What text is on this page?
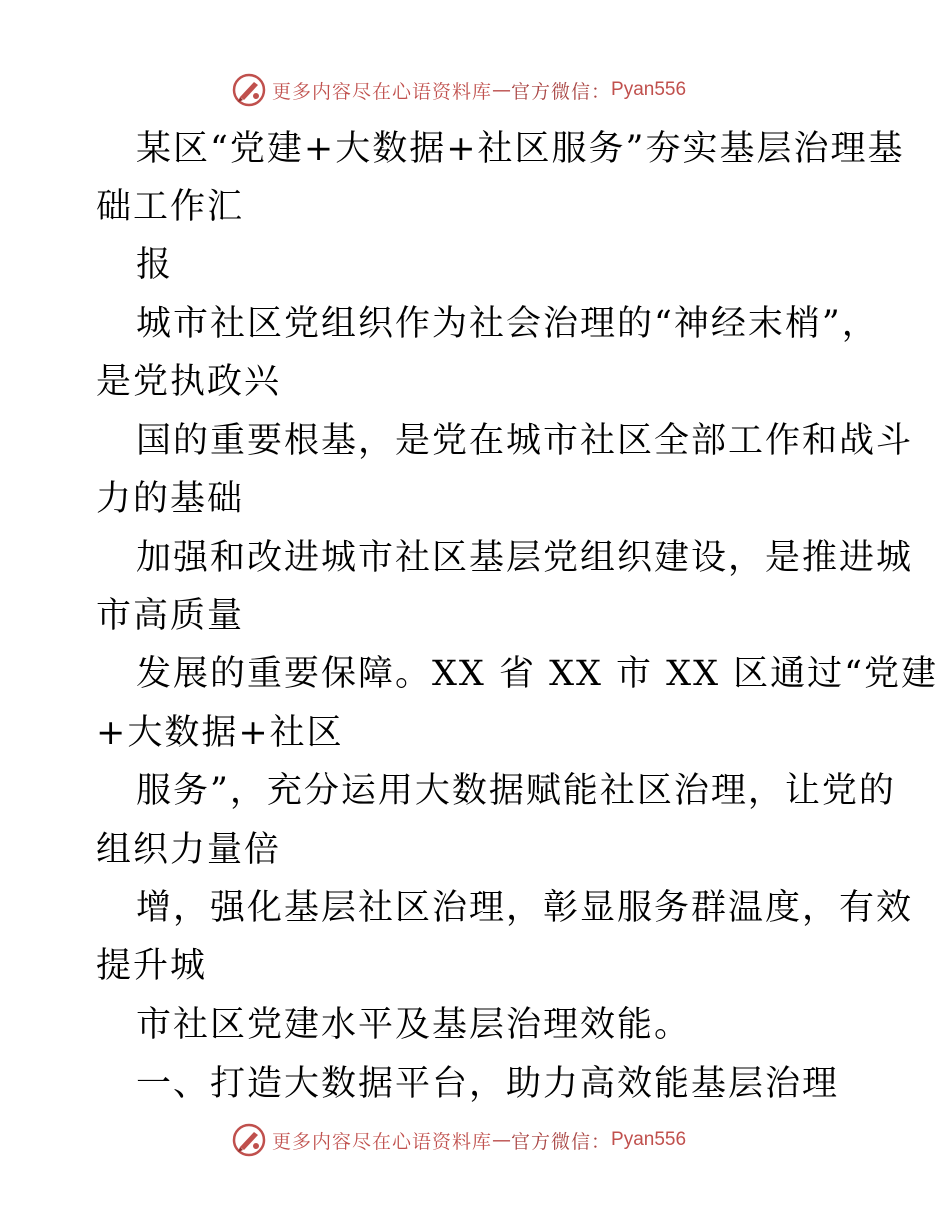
更多内容尽在心语资料库 — 官方微信： Pyan556
某区“党建+大数据+社区服务”夯实基层治理基
础工作汇
报
城市社区党组织作为社会治理的“神经末梢”，
是党执政兴
国的重要根基，是党在城市社区全部工作和战斗
力的基础
加强和改进城市社区基层党组织建设，是推进城
市高质量
发展的重要保障。XX 省 XX 市 XX 区通过“党建
+大数据+社区
服务”，充分运用大数据赋能社区治理，让党的
组织力量倍
增，强化基层社区治理，彰显服务群温度，有效
提升城
市社区党建水平及基层治理效能。
一、打造大数据平台，助力高效能基层治理
更多内容尽在心语资料库 — 官方微信： Pyan556
